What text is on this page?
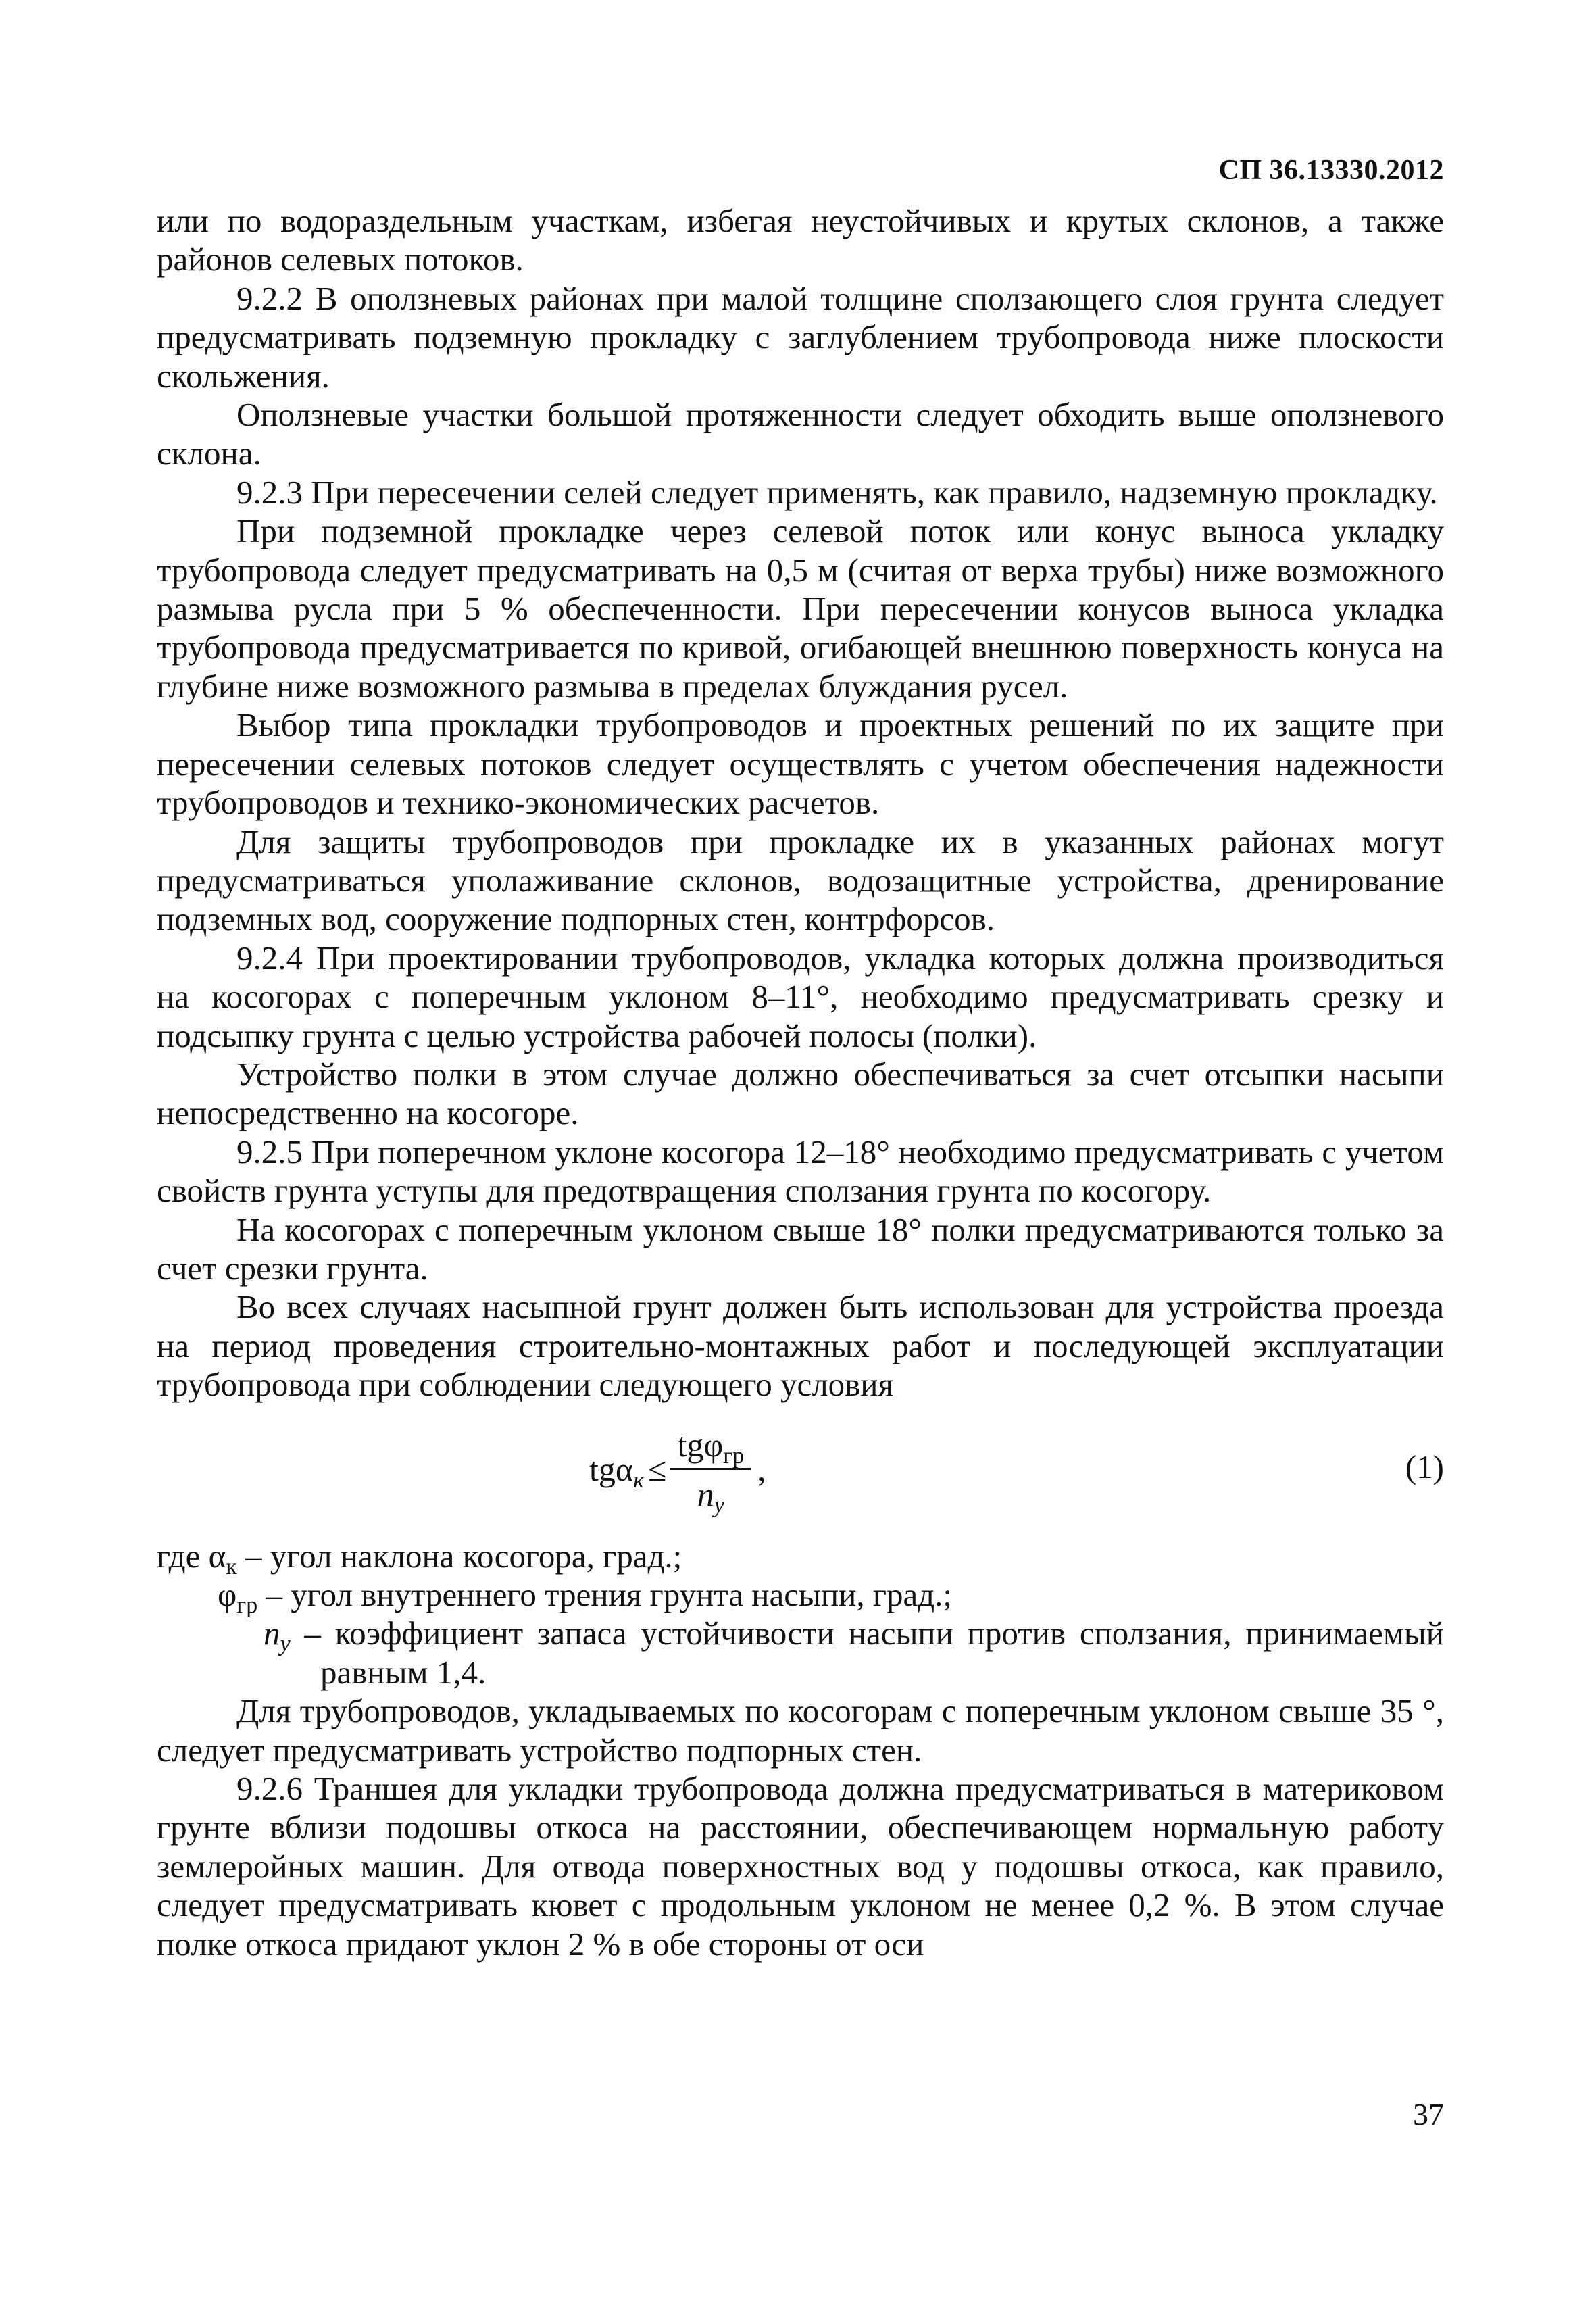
СП 36.13330.2012

или по водораздельным участкам, избегая неустойчивых и крутых склонов, а также районов селевых потоков.

9.2.2 В оползневых районах при малой толщине сползающего слоя грунта следует предусматривать подземную прокладку с заглублением трубопровода ниже плоскости скольжения.

Оползневые участки большой протяженности следует обходить выше оползневого склона.

9.2.3 При пересечении селей следует применять, как правило, надземную прокладку.

При подземной прокладке через селевой поток или конус выноса укладку трубопровода следует предусматривать на 0,5 м (считая от верха трубы) ниже возможного размыва русла при 5 % обеспеченности. При пересечении конусов выноса укладка трубопровода предусматривается по кривой, огибающей внешнюю поверхность конуса на глубине ниже возможного размыва в пределах блуждания русел.

Выбор типа прокладки трубопроводов и проектных решений по их защите при пересечении селевых потоков следует осуществлять с учетом обеспечения надежности трубопроводов и технико-экономических расчетов.

Для защиты трубопроводов при прокладке их в указанных районах могут предусматриваться уполаживание склонов, водозащитные устройства, дренирование подземных вод, сооружение подпорных стен, контрфорсов.

9.2.4 При проектировании трубопроводов, укладка которых должна производиться на косогорах с поперечным уклоном 8–11°, необходимо предусматривать срезку и подсыпку грунта с целью устройства рабочей полосы (полки).

Устройство полки в этом случае должно обеспечиваться за счет отсыпки насыпи непосредственно на косогоре.

9.2.5 При поперечном уклоне косогора 12–18° необходимо предусматривать с учетом свойств грунта уступы для предотвращения сползания грунта по косогору.

На косогорах с поперечным уклоном свыше 18° полки предусматриваются только за счет срезки грунта.

Во всех случаях насыпной грунт должен быть использован для устройства проезда на период проведения строительно-монтажных работ и последующей эксплуатации трубопровода при соблюдении следующего условия

$tg\alpha_к \le \frac{tg\varphi_{гр}}{n_y}$ ,	(1)

где $\alpha_к$ – угол наклона косогора, град.;

$\varphi_{гр}$ – угол внутреннего трения грунта насыпи, град.;

$n_y$ – коэффициент запаса устойчивости насыпи против сползания, принимаемый равным 1,4.

Для трубопроводов, укладываемых по косогорам с поперечным уклоном свыше 35 °, следует предусматривать устройство подпорных стен.

9.2.6 Траншея для укладки трубопровода должна предусматриваться в материковом грунте вблизи подошвы откоса на расстоянии, обеспечивающем нормальную работу землеройных машин. Для отвода поверхностных вод у подошвы откоса, как правило, следует предусматривать кювет с продольным уклоном не менее 0,2 %. В этом случае полке откоса придают уклон 2 % в обе стороны от оси

37
